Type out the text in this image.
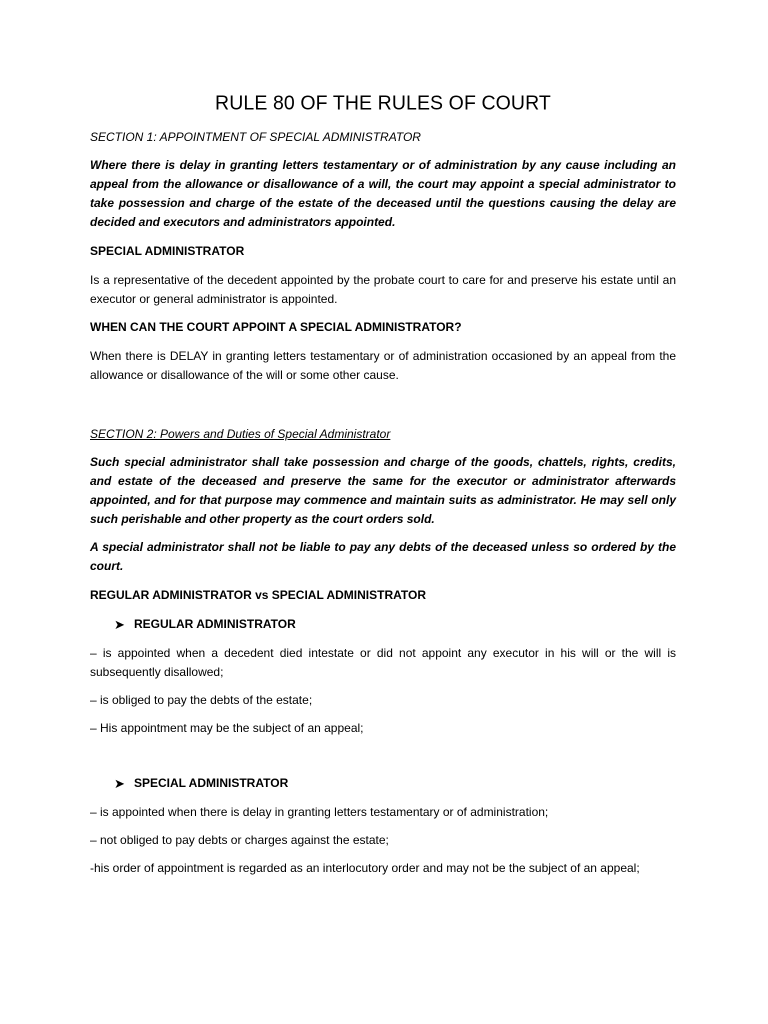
RULE 80 OF THE RULES OF COURT

SECTION 1: APPOINTMENT OF SPECIAL ADMINISTRATOR

Where there is delay in granting letters testamentary or of administration by any cause including an appeal from the allowance or disallowance of a will, the court may appoint a special administrator to take possession and charge of the estate of the deceased until the questions causing the delay are decided and executors and administrators appointed.

SPECIAL ADMINISTRATOR

Is a representative of the decedent appointed by the probate court to care for and preserve his estate until an executor or general administrator is appointed.

WHEN CAN THE COURT APPOINT A SPECIAL ADMINISTRATOR?

When there is DELAY in granting letters testamentary or of administration occasioned by an appeal from the allowance or disallowance of the will or some other cause.

SECTION 2: Powers and Duties of Special Administrator

Such special administrator shall take possession and charge of the goods, chattels, rights, credits, and estate of the deceased and preserve the same for the executor or administrator afterwards appointed, and for that purpose may commence and maintain suits as administrator. He may sell only such perishable and other property as the court orders sold.

A special administrator shall not be liable to pay any debts of the deceased unless so ordered by the court.

REGULAR ADMINISTRATOR vs SPECIAL ADMINISTRATOR

➤ REGULAR ADMINISTRATOR

– is appointed when a decedent died intestate or did not appoint any executor in his will or the will is subsequently disallowed;

– is obliged to pay the debts of the estate;

– His appointment may be the subject of an appeal;

➤ SPECIAL ADMINISTRATOR

– is appointed when there is delay in granting letters testamentary or of administration;

– not obliged to pay debts or charges against the estate;

-his order of appointment is regarded as an interlocutory order and may not be the subject of an appeal;
